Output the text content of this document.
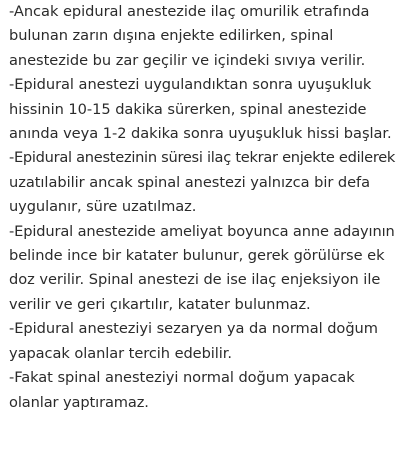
-Ancak epidural anestezide ilaç omurilik etrafında
bulunan zarın dışına enjekte edilirken, spinal
anestezide bu zar geçilir ve içindeki sıvıya verilir.
-Epidural anestezi uygulandıktan sonra uyuşukluk
hissinin 10-15 dakika sürerken, spinal anestezide
anında veya 1-2 dakika sonra uyuşukluk hissi başlar.
-Epidural anestezinin süresi ilaç tekrar enjekte edilerek
uzatılabilir ancak spinal anestezi yalnızca bir defa
uygulanır, süre uzatılmaz.
-Epidural anestezide ameliyat boyunca anne adayının
belinde ince bir katater bulunur, gerek görülürse ek
doz verilir. Spinal anestezi de ise ilaç enjeksiyon ile
verilir ve geri çıkartılır, katater bulunmaz.
-Epidural anesteziyi sezaryen ya da normal doğum
yapacak olanlar tercih edebilir.
-Fakat spinal anesteziyi normal doğum yapacak
olanlar yaptıramaz.
